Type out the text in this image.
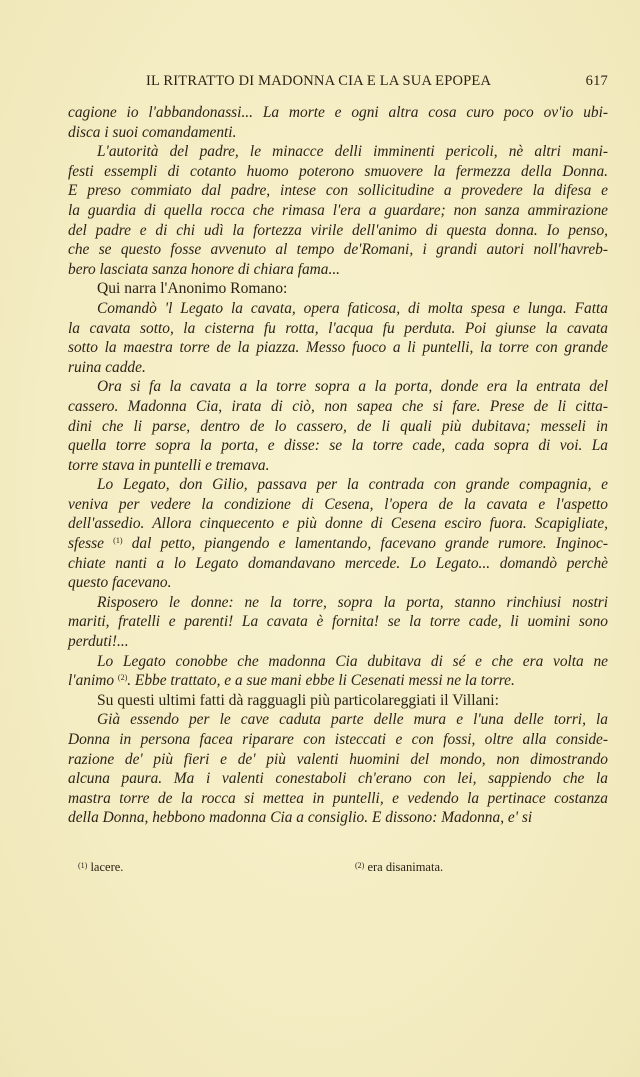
IL RITRATTO DI MADONNA CIA E LA SUA EPOPEA	617
cagione io l'abbandonassi... La morte e ogni altra cosa curo poco ov'io ubi-
disca i suoi comandamenti.
L'autorità del padre, le minacce delli imminenti pericoli, nè altri mani-
festi essempli di cotanto huomo poterono smuovere la fermezza della Donna.
E preso commiato dal padre, intese con sollicitudine a provedere la difesa e
la guardia di quella rocca che rimasa l'era a guardare; non sanza ammirazione
del padre e di chi udì la fortezza virile dell'animo di questa donna. Io penso,
che se questo fosse avvenuto al tempo de'Romani, i grandi autori noll'havreb-
bero lasciata sanza honore di chiara fama...
Qui narra l'Anonimo Romano:
Comandò 'l Legato la cavata, opera faticosa, di molta spesa e lunga. Fatta
la cavata sotto, la cisterna fu rotta, l'acqua fu perduta. Poi giunse la cavata
sotto la maestra torre de la piazza. Messo fuoco a li puntelli, la torre con grande
ruina cadde.
Ora si fa la cavata a la torre sopra a la porta, donde era la entrata del
cassero. Madonna Cia, irata di ciò, non sapea che si fare. Prese de li citta-
dini che li parse, dentro de lo cassero, de li quali più dubitava; messeli in
quella torre sopra la porta, e disse: se la torre cade, cada sopra di voi. La
torre stava in puntelli e tremava.
Lo Legato, don Gilio, passava per la contrada con grande compagnia, e
veniva per vedere la condizione di Cesena, l'opera de la cavata e l'aspetto
dell'assedio. Allora cinquecento e più donne di Cesena esciro fuora. Scapigliate,
sfesse $^{(1)}$ dal petto, piangendo e lamentando, facevano grande rumore. Inginoc-
chiate nanti a lo Legato domandavano mercede. Lo Legato... domandò perchè
questo facevano.
Risposero le donne: ne la torre, sopra la porta, stanno rinchiusi nostri
mariti, fratelli e parenti! La cavata è fornita! se la torre cade, li uomini sono
perduti!...
Lo Legato conobbe che madonna Cia dubitava di sé e che era volta ne
l'animo $^{(2)}$. Ebbe trattato, e a sue mani ebbe li Cesenati messi ne la torre.
Su questi ultimi fatti dà ragguagli più particolareggiati il Villani:
Già essendo per le cave caduta parte delle mura e l'una delle torri, la
Donna in persona facea riparare con isteccati e con fossi, oltre alla conside-
razione de' più fieri e de' più valenti huomini del mondo, non dimostrando
alcuna paura. Ma i valenti conestaboli ch'erano con lei, sappiendo che la
mastra torre de la rocca si mettea in puntelli, e vedendo la pertinace costanza
della Donna, hebbono madonna Cia a consiglio. E dissono: Madonna, e' si
$^{(1)}$ lacere.	$^{(2)}$ era disanimata.
